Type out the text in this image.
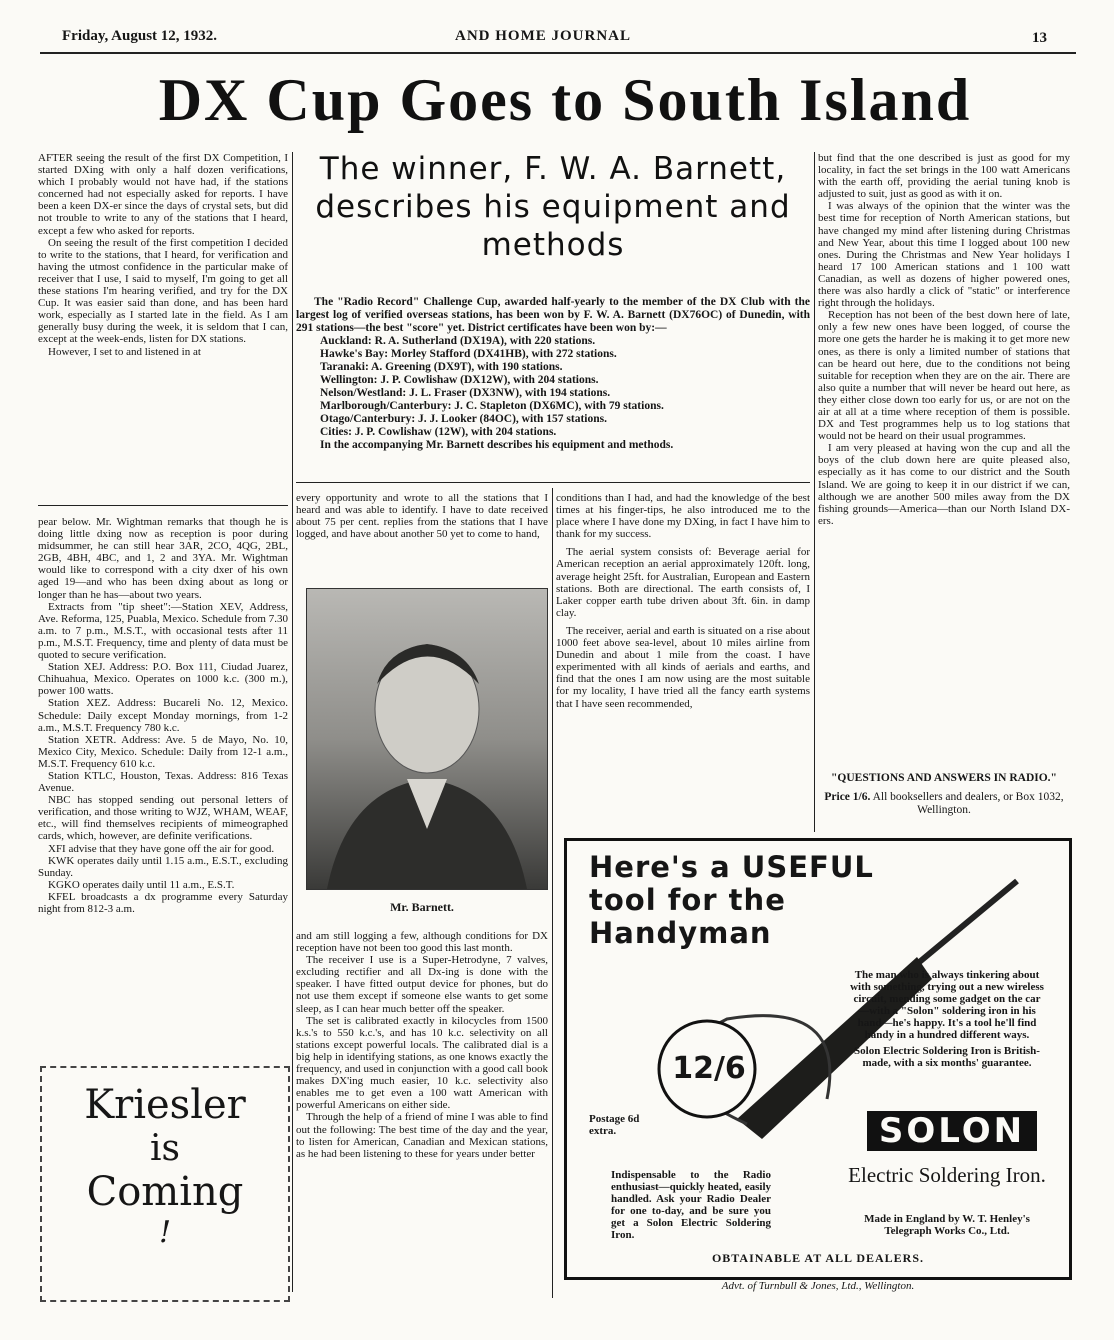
Friday, August 12, 1932.	AND HOME JOURNAL	13
DX Cup Goes to South Island

AFTER seeing the result of the first DX Competition, I started DXing with only a half dozen verifications, which I probably would not have had, if the stations concerned had not especially asked for reports. I have been a keen DX-er since the days of crystal sets, but did not trouble to write to any of the stations that I heard, except a few who asked for reports.

On seeing the result of the first competition I decided to write to the stations, that I heard, for verification and having the utmost confidence in the particular make of receiver that I use, I said to myself, I'm going to get all these stations I'm hearing verified, and try for the DX Cup. It was easier said than done, and has been hard work, especially as I started late in the field. As I am generally busy during the week, it is seldom that I can, except at the week-ends, listen for DX stations.

However, I set to and listened in at

The winner, F. W. A. Barnett, describes his equipment and methods
The "Radio Record" Challenge Cup, awarded half-yearly to the member of the DX Club with the largest log of verified overseas stations, has been won by F. W. A. Barnett (DX76OC) of Dunedin, with 291 stations—the best "score" yet. District certificates have been won by:—
Auckland: R. A. Sutherland (DX19A), with 220 stations.
Hawke's Bay: Morley Stafford (DX41HB), with 272 stations.
Taranaki: A. Greening (DX9T), with 190 stations.
Wellington: J. P. Cowlishaw (DX12W), with 204 stations.
Nelson/Westland: J. L. Fraser (DX3NW), with 194 stations.
Marlborough/Canterbury: J. C. Stapleton (DX6MC), with 79 stations.
Otago/Canterbury: J. J. Looker (84OC), with 157 stations.
Cities: J. P. Cowlishaw (12W), with 204 stations.
In the accompanying Mr. Barnett describes his equipment and methods.

pear below. Mr. Wightman remarks that though he is doing little dxing now as reception is poor during midsummer, he can still hear 3AR, 2CO, 4QG, 2BL, 2GB, 4BH, 4BC, and 1, 2 and 3YA. Mr. Wightman would like to correspond with a city dxer of his own aged 19—and who has been dxing about as long or longer than he has—about two years.

Extracts from "tip sheet":—Station XEV, Address, Ave. Reforma, 125, Puabla, Mexico. Schedule from 7.30 a.m. to 7 p.m., M.S.T., with occasional tests after 11 p.m., M.S.T. Frequency, time and plenty of data must be quoted to secure verification.

Station XEJ. Address: P.O. Box 111, Ciudad Juarez, Chihuahua, Mexico. Operates on 1000 k.c. (300 m.), power 100 watts.

Station XEZ. Address: Bucareli No. 12, Mexico. Schedule: Daily except Monday mornings, from 1-2 a.m., M.S.T. Frequency 780 k.c.

Station XETR. Address: Ave. 5 de Mayo, No. 10, Mexico City, Mexico. Schedule: Daily from 12-1 a.m., M.S.T. Frequency 610 k.c.

Station KTLC, Houston, Texas. Address: 816 Texas Avenue.

NBC has stopped sending out personal letters of verification, and those writing to WJZ, WHAM, WEAF, etc., will find themselves recipients of mimeographed cards, which, however, are definite verifications.

XFI advise that they have gone off the air for good.

KWK operates daily until 1.15 a.m., E.S.T., excluding Sunday.

KGKO operates daily until 11 a.m., E.S.T.

KFEL broadcasts a dx programme every Saturday night from 812-3 a.m.

Kriesler
is
Coming
!

every opportunity and wrote to all the stations that I heard and was able to identify. I have to date received about 75 per cent. replies from the stations that I have logged, and have about another 50 yet to come to hand,

Mr. Barnett.

and am still logging a few, although conditions for DX reception have not been too good this last month.

The receiver I use is a Super-Hetrodyne, 7 valves, excluding rectifier and all Dx-ing is done with the speaker. I have fitted output device for phones, but do not use them except if someone else wants to get some sleep, as I can hear much better off the speaker.

The set is calibrated exactly in kilocycles from 1500 k.s.'s to 550 k.c.'s, and has 10 k.c. selectivity on all stations except powerful locals. The calibrated dial is a big help in identifying stations, as one knows exactly the frequency, and used in conjunction with a good call book makes DX'ing much easier, 10 k.c. selectivity also enables me to get even a 100 watt American with powerful Americans on either side.

Through the help of a friend of mine I was able to find out the following: The best time of the day and the year, to listen for American, Canadian and Mexican stations, as he had been listening to these for years under better

conditions than I had, and had the knowledge of the best times at his finger-tips, he also introduced me to the place where I have done my DXing, in fact I have him to thank for my success.

The aerial system consists of: Beverage aerial for American reception an aerial approximately 120ft. long, average height 25ft. for Australian, European and Eastern stations. Both are directional. The earth consists of, I Laker copper earth tube driven about 3ft. 6in. in damp clay.

The receiver, aerial and earth is situated on a rise about 1000 feet above sea-level, about 10 miles airline from Dunedin and about 1 mile from the coast. I have experimented with all kinds of aerials and earths, and find that the ones I am now using are the most suitable for my locality, I have tried all the fancy earth systems that I have seen recommended,

but find that the one described is just as good for my locality, in fact the set brings in the 100 watt Americans with the earth off, providing the aerial tuning knob is adjusted to suit, just as good as with it on.

I was always of the opinion that the winter was the best time for reception of North American stations, but have changed my mind after listening during Christmas and New Year, about this time I logged about 100 new ones. During the Christmas and New Year holidays I heard 17 100 American stations and 1 100 watt Canadian, as well as dozens of higher powered ones, there was also hardly a click of "static" or interference right through the holidays.

Reception has not been of the best down here of late, only a few new ones have been logged, of course the more one gets the harder he is making it to get more new ones, as there is only a limited number of stations that can be heard out here, due to the conditions not being suitable for reception when they are on the air. There are also quite a number that will never be heard out here, as they either close down too early for us, or are not on the air at all at a time where reception of them is possible. DX and Test programmes help us to log stations that would not be heard on their usual programmes.

I am very pleased at having won the cup and all the boys of the club down here are quite pleased also, especially as it has come to our district and the South Island. We are going to keep it in our district if we can, although we are another 500 miles away from the DX fishing grounds—America—than our North Island DX-ers.

"QUESTIONS AND ANSWERS IN RADIO."
Price 1/6. All booksellers and dealers, or Box 1032, Wellington.
Here's a USEFUL tool for the Handyman
12/6
Postage 6d extra.
The man who is always tinkering about with something, trying out a new wireless circuit, mending some gadget on the car —with a "Solon" soldering iron in his hand—he's happy. It's a tool he'll find handy in a hundred different ways.
Solon Electric Soldering Iron is British-made, with a six months' guarantee.
SOLON
Electric Soldering Iron.
Made in England by W. T. Henley's Telegraph Works Co., Ltd.
Indispensable to the Radio enthusiast—quickly heated, easily handled. Ask your Radio Dealer for one to-day, and be sure you get a Solon Electric Soldering Iron.
OBTAINABLE AT ALL DEALERS.
Advt. of Turnbull & Jones, Ltd., Wellington.
